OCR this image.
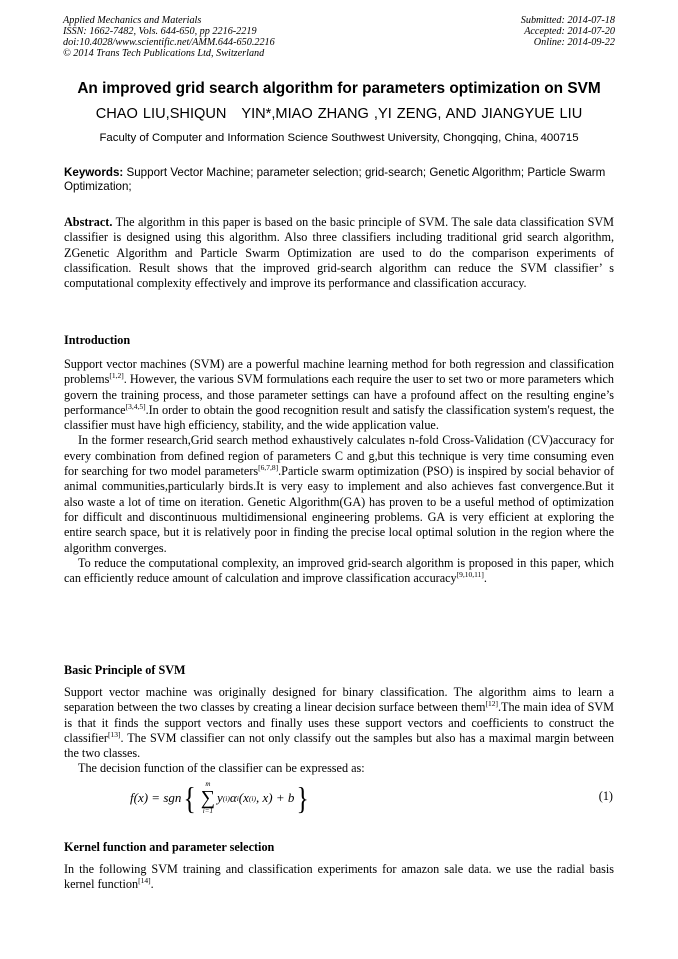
Applied Mechanics and Materials
ISSN: 1662-7482, Vols. 644-650, pp 2216-2219
doi:10.4028/www.scientific.net/AMM.644-650.2216
© 2014 Trans Tech Publications Ltd, Switzerland
Submitted: 2014-07-18
Accepted: 2014-07-20
Online: 2014-09-22
An improved grid search algorithm for parameters optimization on SVM
CHAO LIU,SHIQUN   YIN*,MIAO ZHANG ,YI ZENG, AND JIANGYUE LIU
Faculty of Computer and Information Science Southwest University, Chongqing, China, 400715
Keywords: Support Vector Machine; parameter selection; grid-search; Genetic Algorithm; Particle Swarm Optimization;

Abstract. The algorithm in this paper is based on the basic principle of SVM. The sale data classification SVM classifier is designed using this algorithm. Also three classifiers including traditional grid search algorithm, ZGenetic Algorithm and Particle Swarm Optimization are used to do the comparison experiments of classification. Result shows that the improved grid-search algorithm can reduce the SVM classifier’ s computational complexity effectively and improve its performance and classification accuracy.

Introduction

Support vector machines (SVM) are a powerful machine learning method for both regression and classification problems[1,2]. However, the various SVM formulations each require the user to set two or more parameters which govern the training process, and those parameter settings can have a profound affect on the resulting engine’s performance[3,4,5].In order to obtain the good recognition result and satisfy the classification system's request, the classifier must have high efficiency, stability, and the wide application value.

In the former research,Grid search method exhaustively calculates n-fold Cross-Validation (CV)accuracy for every combination from defined region of parameters C and g,but this technique is very time consuming even for searching for two model parameters[6,7,8].Particle swarm optimization (PSO) is inspired by social behavior of animal communities,particularly birds.It is very easy to implement and also achieves fast convergence.But it also waste a lot of time on iteration. Genetic Algorithm(GA) has proven to be a useful method of optimization for difficult and discontinuous multidimensional engineering problems. GA is very efficient at exploring the entire search space, but it is relatively poor in finding the precise local optimal solution in the region where the algorithm converges.

To reduce the computational complexity, an improved grid-search algorithm is proposed in this paper, which can efficiently reduce amount of calculation and improve classification accuracy[9,10,11].

Basic Principle of SVM

Support vector machine was originally designed for binary classification. The algorithm aims to learn a separation between the two classes by creating a linear decision surface between them[12].The main idea of SVM is that it finds the support vectors and finally uses these support vectors and coefficients to construct the classifier[13]. The SVM classifier can not only classify out the samples but also has a maximal margin between the two classes.

The decision function of the classifier can be expressed as:

f(x) = sgn { m
∑
i=1
y (i) α i (x (i) , x) + b }	(1)
Kernel function and parameter selection

In the following SVM training and classification experiments for amazon sale data. we use the radial basis kernel function[14].
